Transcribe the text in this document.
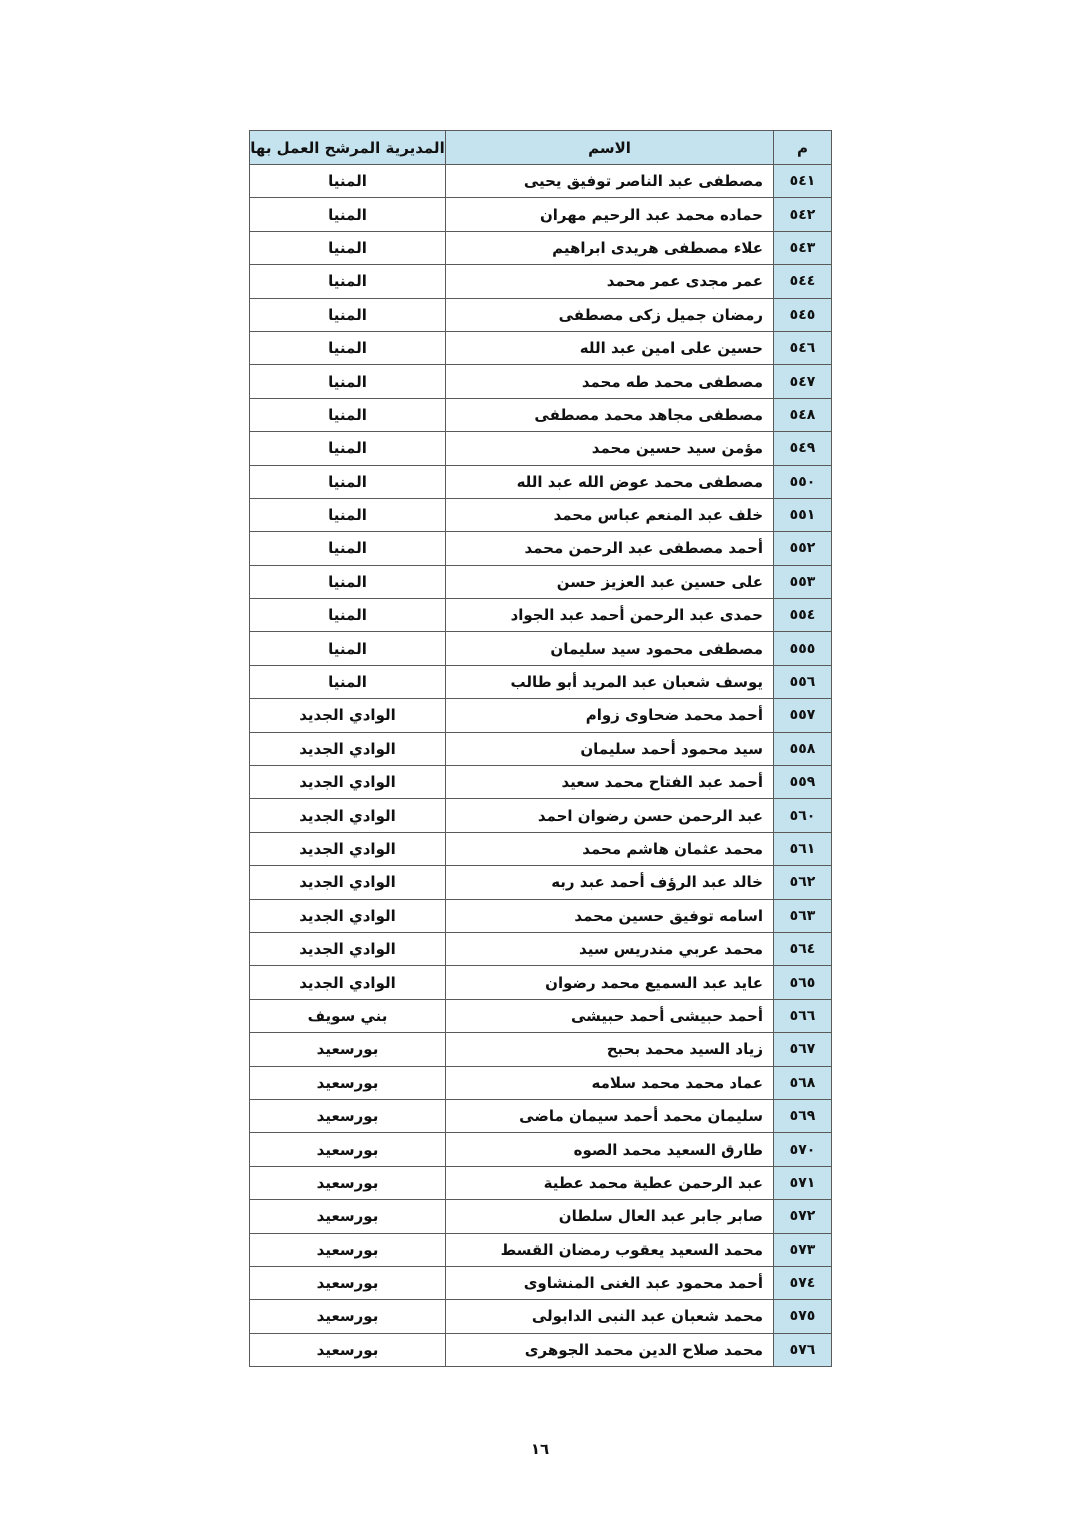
م	الاسم	المديرية المرشح العمل بها
٥٤١	مصطفى عبد الناصر توفيق يحيى	المنيا
٥٤٢	حماده محمد عبد الرحيم مهران	المنيا
٥٤٣	علاء مصطفى هريدى ابراهيم	المنيا
٥٤٤	عمر مجدى عمر محمد	المنيا
٥٤٥	رمضان جميل زكى مصطفى	المنيا
٥٤٦	حسين على امين عبد الله	المنيا
٥٤٧	مصطفى محمد طه محمد	المنيا
٥٤٨	مصطفى مجاهد محمد مصطفى	المنيا
٥٤٩	مؤمن سيد حسين محمد	المنيا
٥٥٠	مصطفى محمد عوض الله عبد الله	المنيا
٥٥١	خلف عبد المنعم عباس محمد	المنيا
٥٥٢	أحمد مصطفى عبد الرحمن محمد	المنيا
٥٥٣	على حسين عبد العزيز حسن	المنيا
٥٥٤	حمدى عبد الرحمن أحمد عبد الجواد	المنيا
٥٥٥	مصطفى محمود سيد سليمان	المنيا
٥٥٦	يوسف شعبان عبد المريد أبو طالب	المنيا
٥٥٧	أحمد محمد ضحاوى زوام	الوادي الجديد
٥٥٨	سيد محمود أحمد سليمان	الوادي الجديد
٥٥٩	أحمد عبد الفتاح محمد سعيد	الوادي الجديد
٥٦٠	عبد الرحمن حسن رضوان احمد	الوادي الجديد
٥٦١	محمد عثمان هاشم محمد	الوادي الجديد
٥٦٢	خالد عبد الرؤف أحمد عبد ربه	الوادي الجديد
٥٦٣	اسامه توفيق حسين محمد	الوادي الجديد
٥٦٤	محمد عربي مندريس سيد	الوادي الجديد
٥٦٥	عايد عبد السميع محمد رضوان	الوادي الجديد
٥٦٦	أحمد حبيشى أحمد حبيشى	بني سويف
٥٦٧	زياد السيد محمد بحبح	بورسعيد
٥٦٨	عماد محمد محمد سلامه	بورسعيد
٥٦٩	سليمان محمد أحمد سيمان ماضى	بورسعيد
٥٧٠	طارق السعيد محمد الصوه	بورسعيد
٥٧١	عبد الرحمن عطية محمد عطية	بورسعيد
٥٧٢	صابر جابر عبد العال سلطان	بورسعيد
٥٧٣	محمد السعيد يعقوب رمضان القسط	بورسعيد
٥٧٤	أحمد محمود عبد الغنى المنشاوى	بورسعيد
٥٧٥	محمد شعبان عبد النبى الدابولى	بورسعيد
٥٧٦	محمد صلاح الدين محمد الجوهرى	بورسعيد
١٦
